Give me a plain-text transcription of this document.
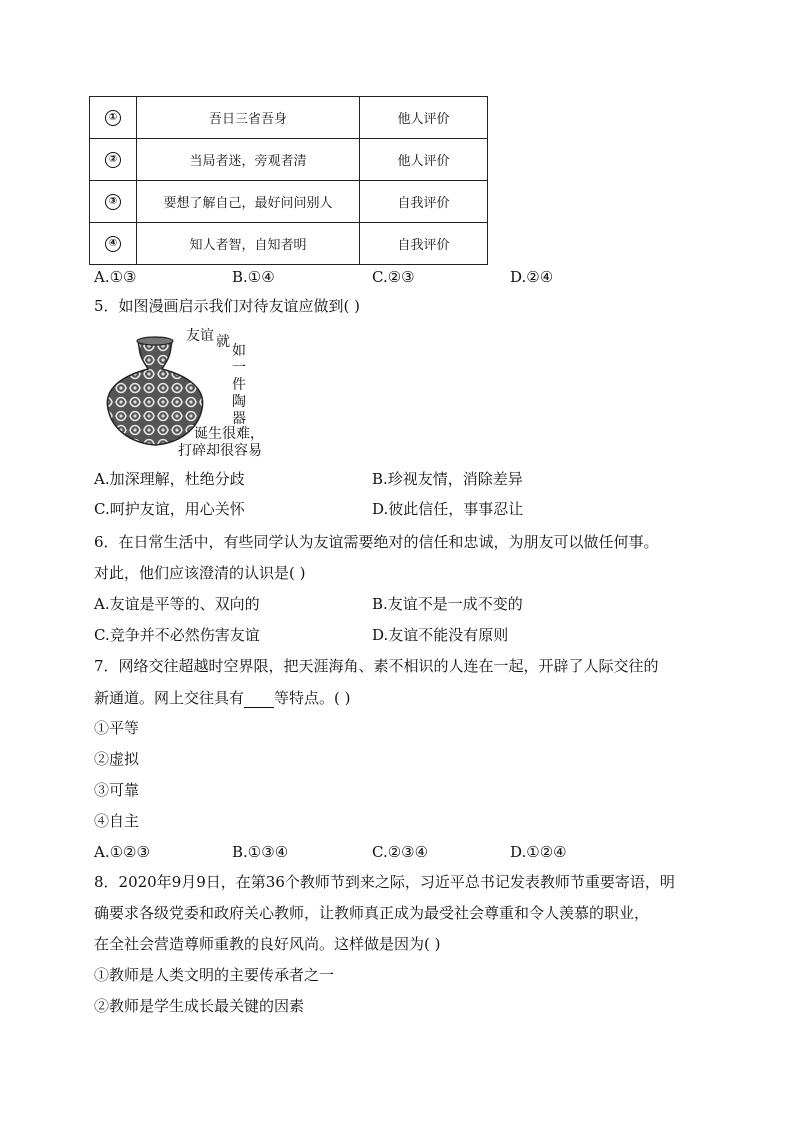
①	吾日三省吾身	他人评价
②	当局者迷，旁观者清	他人评价
③	要想了解自己，最好问问别人	自我评价
④	知人者智，自知者明	自我评价
A.①③	B.①④	C.②③	D.②④
5．如图漫画启示我们对待友谊应做到( )
友谊 就
如
一
件
陶
器
诞生很难，
打碎却很容易
A.加深理解，杜绝分歧	B.珍视友情，消除差异
C.呵护友谊，用心关怀	D.彼此信任，事事忍让
6．在日常生活中，有些同学认为友谊需要绝对的信任和忠诚，为朋友可以做任何事。
对此，他们应该澄清的认识是( )
A.友谊是平等的、双向的	B.友谊不是一成不变的
C.竞争并不必然伤害友谊	D.友谊不能没有原则
7．网络交往超越时空界限，把天涯海角、素不相识的人连在一起，开辟了人际交往的
新通道。网上交往具有 等特点。( )
①平等
②虚拟
③可靠
④自主
A.①②③	B.①③④	C.②③④	D.①②④
8．2020年9月9日，在第36个教师节到来之际，习近平总书记发表教师节重要寄语，明
确要求各级党委和政府关心教师，让教师真正成为最受社会尊重和令人羡慕的职业，
在全社会营造尊师重教的良好风尚。这样做是因为( )
①教师是人类文明的主要传承者之一
②教师是学生成长最关键的因素
